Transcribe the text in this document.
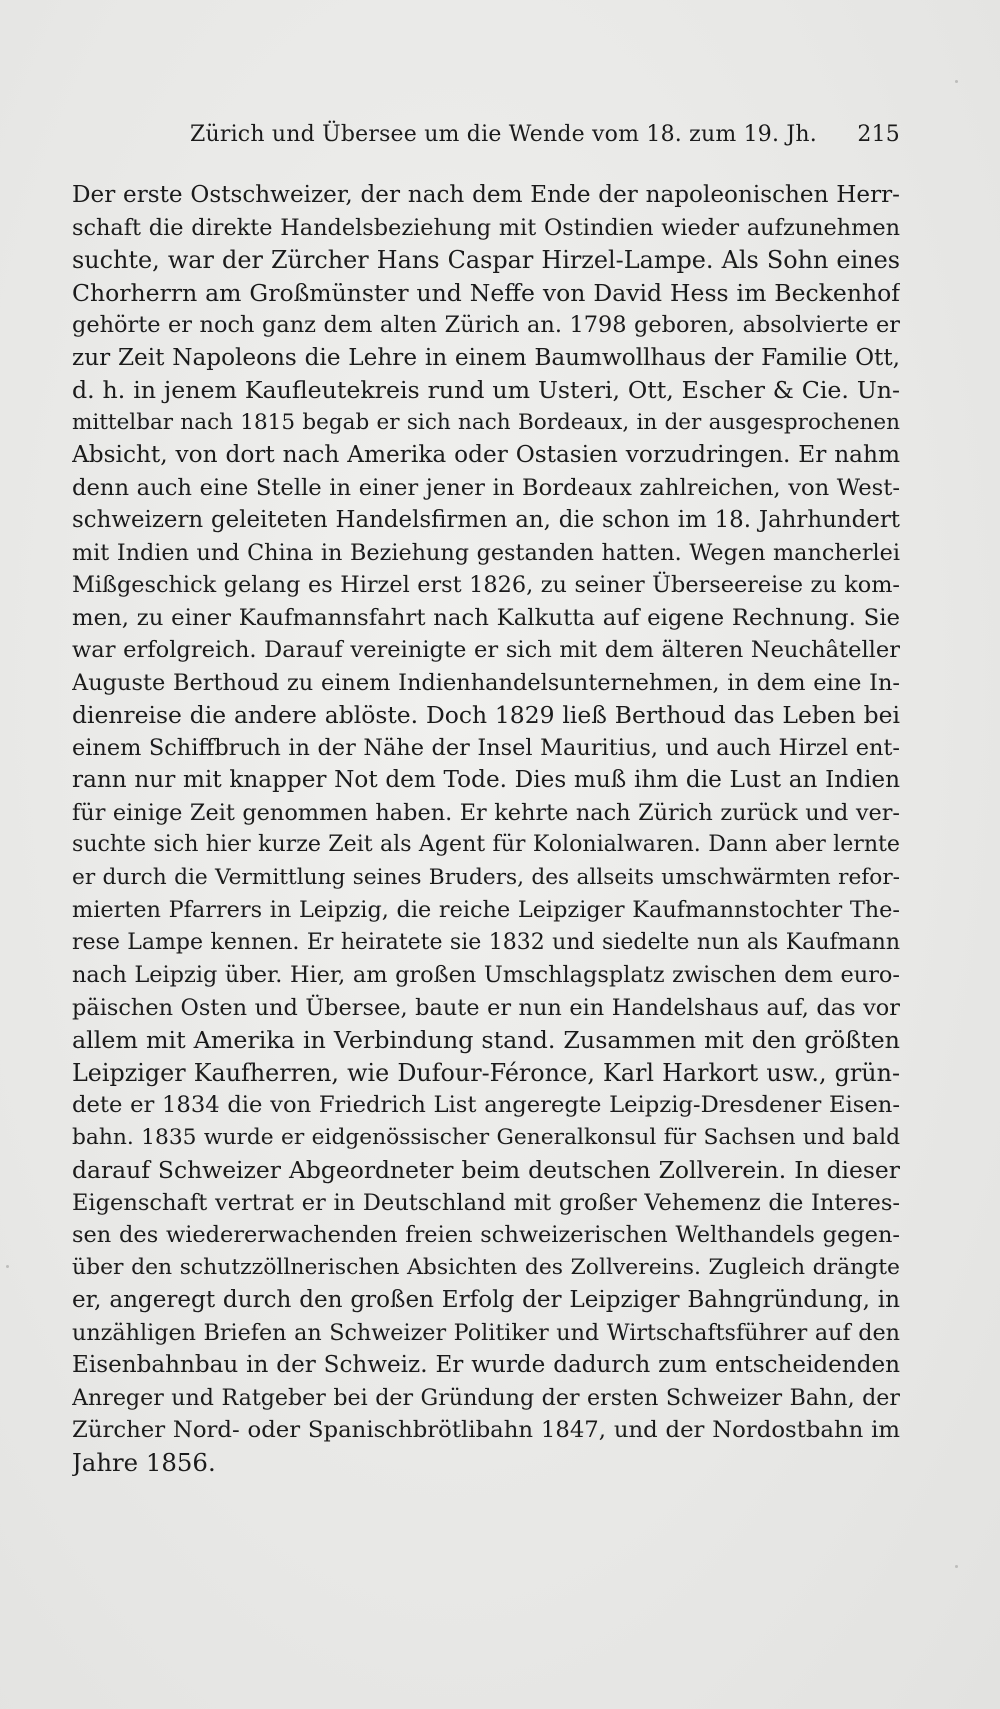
Zürich und Übersee um die Wende vom 18. zum 19. Jh. 215
Der erste Ostschweizer, der nach dem Ende der napoleonischen Herr-
schaft die direkte Handelsbeziehung mit Ostindien wieder aufzunehmen
suchte, war der Zürcher Hans Caspar Hirzel-Lampe. Als Sohn eines
Chorherrn am Großmünster und Neffe von David Hess im Beckenhof
gehörte er noch ganz dem alten Zürich an. 1798 geboren, absolvierte er
zur Zeit Napoleons die Lehre in einem Baumwollhaus der Familie Ott,
d. h. in jenem Kaufleutekreis rund um Usteri, Ott, Escher & Cie. Un-
mittelbar nach 1815 begab er sich nach Bordeaux, in der ausgesprochenen
Absicht, von dort nach Amerika oder Ostasien vorzudringen. Er nahm
denn auch eine Stelle in einer jener in Bordeaux zahlreichen, von West-
schweizern geleiteten Handelsfirmen an, die schon im 18. Jahrhundert
mit Indien und China in Beziehung gestanden hatten. Wegen mancherlei
Mißgeschick gelang es Hirzel erst 1826, zu seiner Überseereise zu kom-
men, zu einer Kaufmannsfahrt nach Kalkutta auf eigene Rechnung. Sie
war erfolgreich. Darauf vereinigte er sich mit dem älteren Neuchâteller
Auguste Berthoud zu einem Indienhandelsunternehmen, in dem eine In-
dienreise die andere ablöste. Doch 1829 ließ Berthoud das Leben bei
einem Schiffbruch in der Nähe der Insel Mauritius, und auch Hirzel ent-
rann nur mit knapper Not dem Tode. Dies muß ihm die Lust an Indien
für einige Zeit genommen haben. Er kehrte nach Zürich zurück und ver-
suchte sich hier kurze Zeit als Agent für Kolonialwaren. Dann aber lernte
er durch die Vermittlung seines Bruders, des allseits umschwärmten refor-
mierten Pfarrers in Leipzig, die reiche Leipziger Kaufmannstochter The-
rese Lampe kennen. Er heiratete sie 1832 und siedelte nun als Kaufmann
nach Leipzig über. Hier, am großen Umschlagsplatz zwischen dem euro-
päischen Osten und Übersee, baute er nun ein Handelshaus auf, das vor
allem mit Amerika in Verbindung stand. Zusammen mit den größten
Leipziger Kaufherren, wie Dufour-Féronce, Karl Harkort usw., grün-
dete er 1834 die von Friedrich List angeregte Leipzig-Dresdener Eisen-
bahn. 1835 wurde er eidgenössischer Generalkonsul für Sachsen und bald
darauf Schweizer Abgeordneter beim deutschen Zollverein. In dieser
Eigenschaft vertrat er in Deutschland mit großer Vehemenz die Interes-
sen des wiedererwachenden freien schweizerischen Welthandels gegen-
über den schutzzöllnerischen Absichten des Zollvereins. Zugleich drängte
er, angeregt durch den großen Erfolg der Leipziger Bahngründung, in
unzähligen Briefen an Schweizer Politiker und Wirtschaftsführer auf den
Eisenbahnbau in der Schweiz. Er wurde dadurch zum entscheidenden
Anreger und Ratgeber bei der Gründung der ersten Schweizer Bahn, der
Zürcher Nord- oder Spanischbrötlibahn 1847, und der Nordostbahn im
Jahre 1856.
